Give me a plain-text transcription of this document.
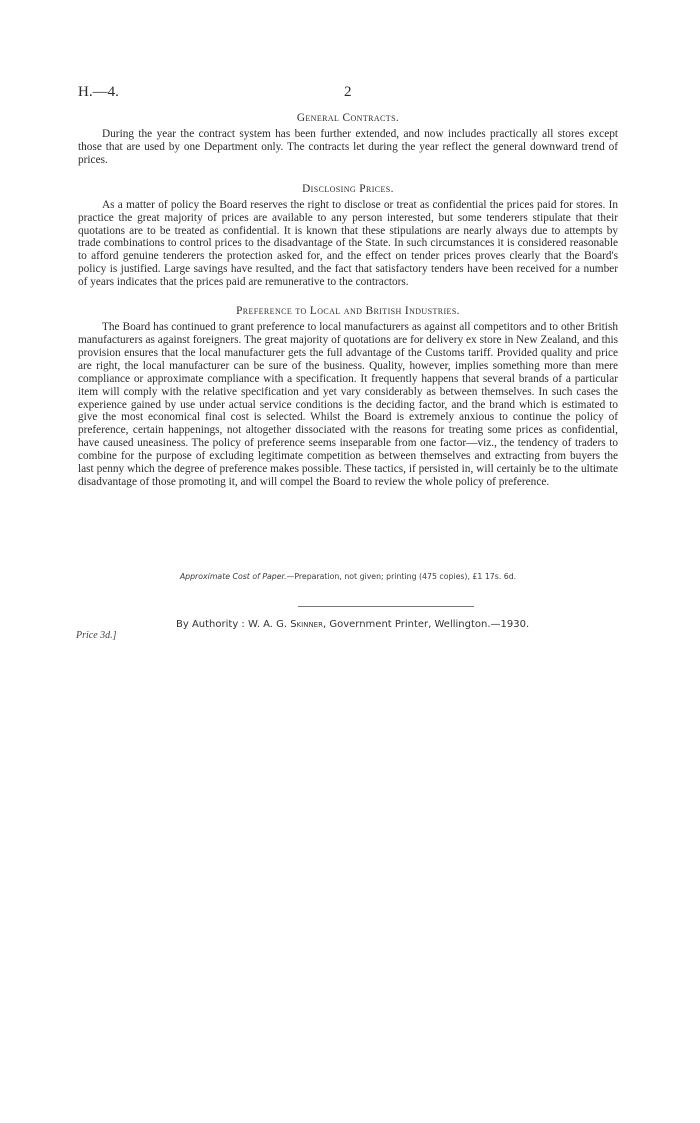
H.—4.	2
General Contracts.

During the year the contract system has been further extended, and now includes practically all stores except those that are used by one Department only. The contracts let during the year reflect the general downward trend of prices.

Disclosing Prices.

As a matter of policy the Board reserves the right to disclose or treat as confidential the prices paid for stores. In practice the great majority of prices are available to any person interested, but some tenderers stipulate that their quotations are to be treated as confidential. It is known that these stipulations are nearly always due to attempts by trade combinations to control prices to the disadvantage of the State. In such circumstances it is considered reasonable to afford genuine tenderers the protection asked for, and the effect on tender prices proves clearly that the Board's policy is justified. Large savings have resulted, and the fact that satisfactory tenders have been received for a number of years indicates that the prices paid are remunerative to the contractors.

Preference to Local and British Industries.

The Board has continued to grant preference to local manufacturers as against all competitors and to other British manufacturers as against foreigners. The great majority of quotations are for delivery ex store in New Zealand, and this provision ensures that the local manufacturer gets the full advantage of the Customs tariff. Provided quality and price are right, the local manufacturer can be sure of the business. Quality, however, implies something more than mere compliance or approximate compliance with a specification. It frequently happens that several brands of a particular item will comply with the relative specification and yet vary considerably as between themselves. In such cases the experience gained by use under actual service conditions is the deciding factor, and the brand which is estimated to give the most economical final cost is selected. Whilst the Board is extremely anxious to continue the policy of preference, certain happenings, not altogether dissociated with the reasons for treating some prices as confidential, have caused uneasiness. The policy of preference seems inseparable from one factor—viz., the tendency of traders to combine for the purpose of excluding legitimate competition as between themselves and extracting from buyers the last penny which the degree of preference makes possible. These tactics, if persisted in, will certainly be to the ultimate disadvantage of those promoting it, and will compel the Board to review the whole policy of preference.

Approximate Cost of Paper.—Preparation, not given; printing (475 copies), £1 17s. 6d.
By Authority : W. A. G. Skinner, Government Printer, Wellington.—1930.
Price 3d.]
